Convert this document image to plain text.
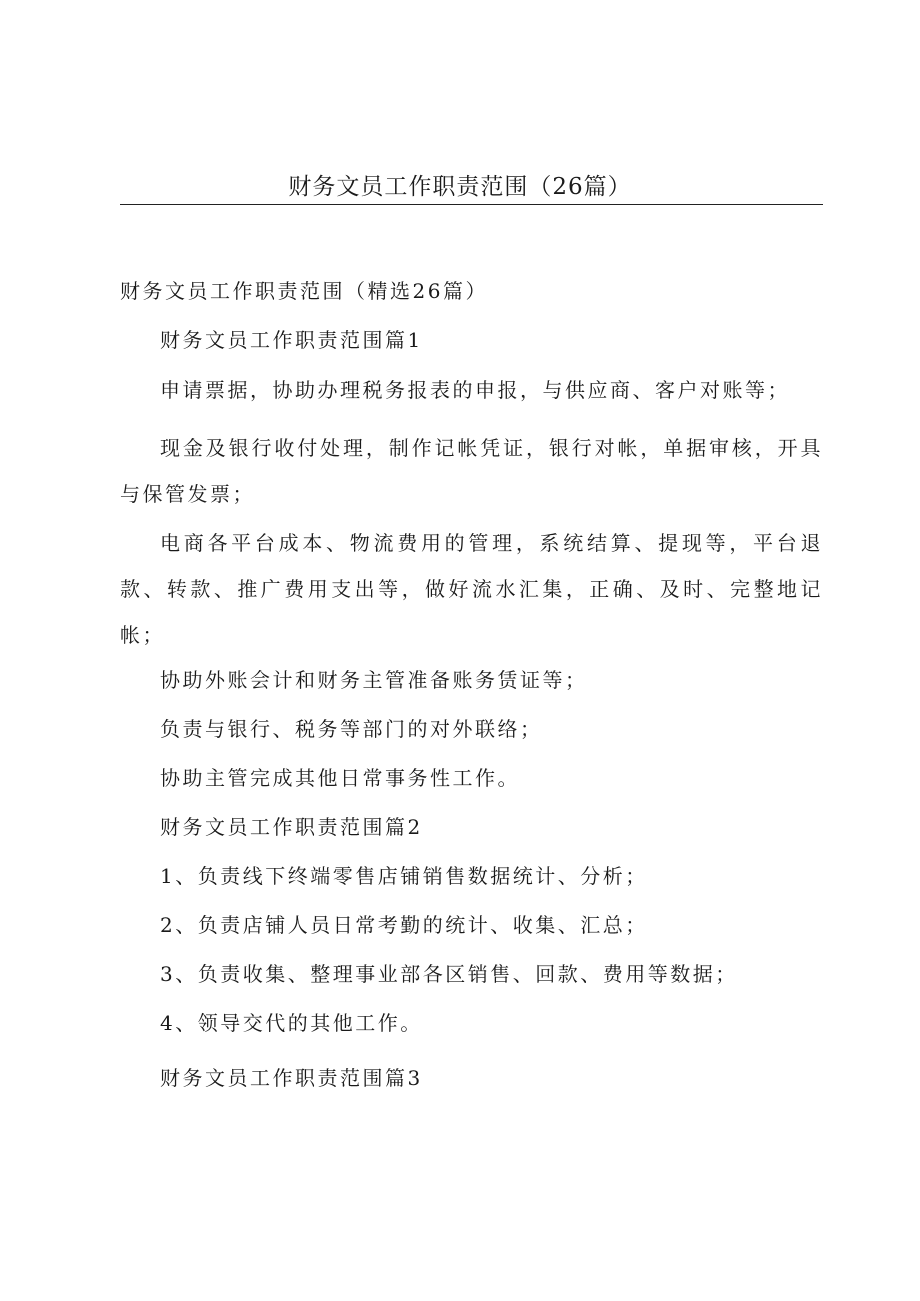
财务文员工作职责范围（26篇）

财务文员工作职责范围（精选26篇）

财务文员工作职责范围篇1

申请票据，协助办理税务报表的申报，与供应商、客户对账等；

现金及银行收付处理，制作记帐凭证，银行对帐，单据审核，开具与保管发票；

电商各平台成本、物流费用的管理，系统结算、提现等，平台退款、转款、推广费用支出等，做好流水汇集，正确、及时、完整地记帐；

协助外账会计和财务主管准备账务赁证等；

负责与银行、税务等部门的对外联络；

协助主管完成其他日常事务性工作。

财务文员工作职责范围篇2

1、负责线下终端零售店铺销售数据统计、分析；

2、负责店铺人员日常考勤的统计、收集、汇总；

3、负责收集、整理事业部各区销售、回款、费用等数据；

4、领导交代的其他工作。

财务文员工作职责范围篇3
